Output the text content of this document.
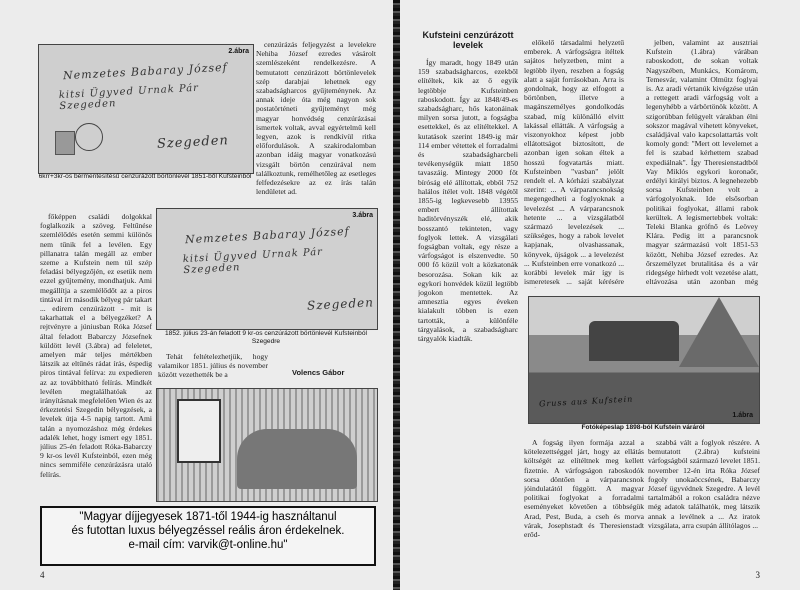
Nemzetes Babaray József
kitsi Ügyved Urnak Pár Szegeden
Szegeden
2.ábra
6krr+3kr-os bérmentesítésű cenzúrázott börtönlevél 1851-ből Kufsteinból

cenzúrázás feljegyzést a levelekre Nehiba József ezredes vásárolt szemlészeként rendelkezésre. A bemutatott cenzúrázott börtönlevelek szép darabjai lehetnek egy szabadságharcos gyűjteménynek. Az annak ideje óta még nagyon sok postatörténeti gyűjteményt még magyar honvédség cenzúrázásai ismertek voltak, avval egyértelmű kell legyen, azok is rendkívül ritka előfordulások. A szakirodalomban azonban idáig magyar vonatkozású vizsgált börtön cenzúrával nem találkoztunk, remélhetőleg az esetleges felfedezésekre az ez írás talán lendületet ad.

főképpen családi dolgokkal foglalkozik a szöveg. Feltűnése szemlélődés esetén semmi különös nem tűnik fel a levélen. Egy pillanatra talán megáll az ember szeme a Kufstein nem túl szép feladási bélyegzőjén, ez esetük nem ezzel gyűjtemény, mondhatjuk. Ami megállítja a szemlélődőt az a piros tintával írt második bélyeg pár takart ... edirem cenzúrázott - mit is takarhattak el a bélyegzéket? A rejtvényre a júniusban Róka József által feladott Babarczy Józsefnek küldött levél (3.ábra) ad feleletet, amelyen már teljes mértékben látszik az eltűnés rádat írás, éspedig piros tintával felírva: zu expedieren az az továbbítható felírás. Mindkét levélen megtalálhatóak az irányításnak megfelelően Wien és az érkeztetési Szegedin bélyegzések, a levelek útja 4-5 napig tartott. Ami talán a nyomozáshoz még érdekes adalék lehet, hogy ismert egy 1851. július 25-én feladott Róka-Babarczy 9 kr-os levél Kufsteinból, ezen még nincs semmiféle cenzúrázásra utaló felírás.

Nemzetes Babaray József
kitsi Ügyved Urnak Pár Szegeden
Szegeden
3.ábra
1852. július 23-án feladott 9 kr-os cenzúrázott börtönlevél Kufsteinból Szegedre

Tehát feltételezhetjük, hogy valamikor 1851. július és november között vezethették be a	Volencs Gábor
"Magyar díjjegyesek 1871-től 1944-ig használtanul
és futottan luxus bélyegzéssel reális áron érdekelnek.
e-mail cím: varvik@t-online.hu"
4
Kufsteini cenzúrázott levelek

Így maradt, hogy 1849 után 159 szabadságharcos, ezekből elítéltek, kik az ő egyik legtöbbje Kufsteinben raboskodott. Így az 1848/49-es szabadságharc, hős katonáinak milyen sorsa jutott, a fogságba esettekkel, és az elítéltekkel. A kutatások szerint 1849-ig már 114 ember vétettek el forradalmi és szabadságharcbeli tevékenységük miatt 1850 tavaszáig. Mintegy 2000 főt bíróság elé állítottak, ebből 752 halálos ítélet volt. 1848 végétől 1855-ig legkevesebb 13955 embert állítottak haditörvényszék elé, akik bosszantó tekinteten, vagy foglyok lettek. A vizsgálati fogságban voltak, egy része a várfogságot is elszenvedte. 50 000 fő közül volt a közkatonák besorozása. Sokan kik az egykori honvédek közül legtöbb jogokon mentettek. Az amnesztia egyes éveken kialakult többen is ezen tartották, a különféle tárgyalások, a szabadságharc tárgyalók kiadták.

előkelő társadalmi helyzetű emberek. A várfogságra ítéltek sajátos helyzetben, mint a legtöbb ilyen, reszben a fogság alatt a saját forrásokban. Arra is gondolnak, hogy az elfogott a börtönben, illetve a magánszemélyes gondolkodás szabad, míg különálló elvitt lakással ellátták. A várfogság a viszonyokhoz képest jobb ellátottságot biztosított, de azonban igen sokan éltek a hosszú fogvatartás miatt. Kufsteinben "vasban" jelölt rendelt el. A kórházi szabályzat szerint: ... A várparancsnokság megengedheti a foglyoknak a levelezést ... A várparancsnok hetente ... a vizsgálatból származó levelezések ... szükséges, hogy a rabok levelet kapjanak, olvashassanak, könyvek, újságok ... a levelezést ... Kufsteinben erre vonatkozó ... korábbi levelek már így is ismeretesek ... saját kérésére

jelben, valamint az ausztriai Kufstein (1.ábra) várában raboskodott, de sokan voltak Nagyszében, Munkács, Komárom, Temesvár, valamint Olmütz foglyai is. Az aradi vértanúk kivégzése után a rettegett aradi várfogság volt a legenyhébb a várbörtönök között. A szigorúbban felügyelt várakban élni sokszor magával vihetett könyveket, családjával valo kapcsolattartás volt komoly gond: "Mert ott levelemet a fel is szabad kérhettem szabad expediálnak". Így Theresienstadtból Vay Miklós egykori koronaőr, erdélyi királyi biztos. A legnehezebb sorsa Kufsteinben volt a várfogolyoknak. Ide elsősorban politikai foglyokat, állami rabok kerültek. A legismertebbek voltak: Teleki Blanka grófnő és Leövey Klára. Pedig itt a parancsnok magyar származású volt 1851-53 között, Nehiba József ezredes. Az őrszemélyzet brutalitása és a vár ridegsége hírhedt volt vezetése alatt, eltávozása után azonban még

Gruss aus Kufstein
1.ábra
Fotóképeslap 1898-ból Kufstein váráról

A fogság ilyen formája azzal a kötelezettséggel járt, hogy az ellátás költségét az elítéltnek meg kellett fizetnie. A várfogságon raboskodók sorsa döntően a várparancsnok jóindulatától függött. A magyar politikai foglyokat a forradalmi eseményeket követően a többségük Arad, Pest, Buda, a cseh és morva várak, Josephstadt és Theresienstadt erőd-

szabbá vált a foglyok részére. A bemutatott (2.ábra) kufsteini várfogságból származó levelet 1851. november 12-én írta Róka József fogoly unokaöccsének, Babarczy József ügyvédnek Szegedre. A levél tartalmából a rokon családra nézve még adatok találhatók, meg látszik annak a levélnek a ... Az iratok vizsgálata, arra csupán állítólagos ...

3
